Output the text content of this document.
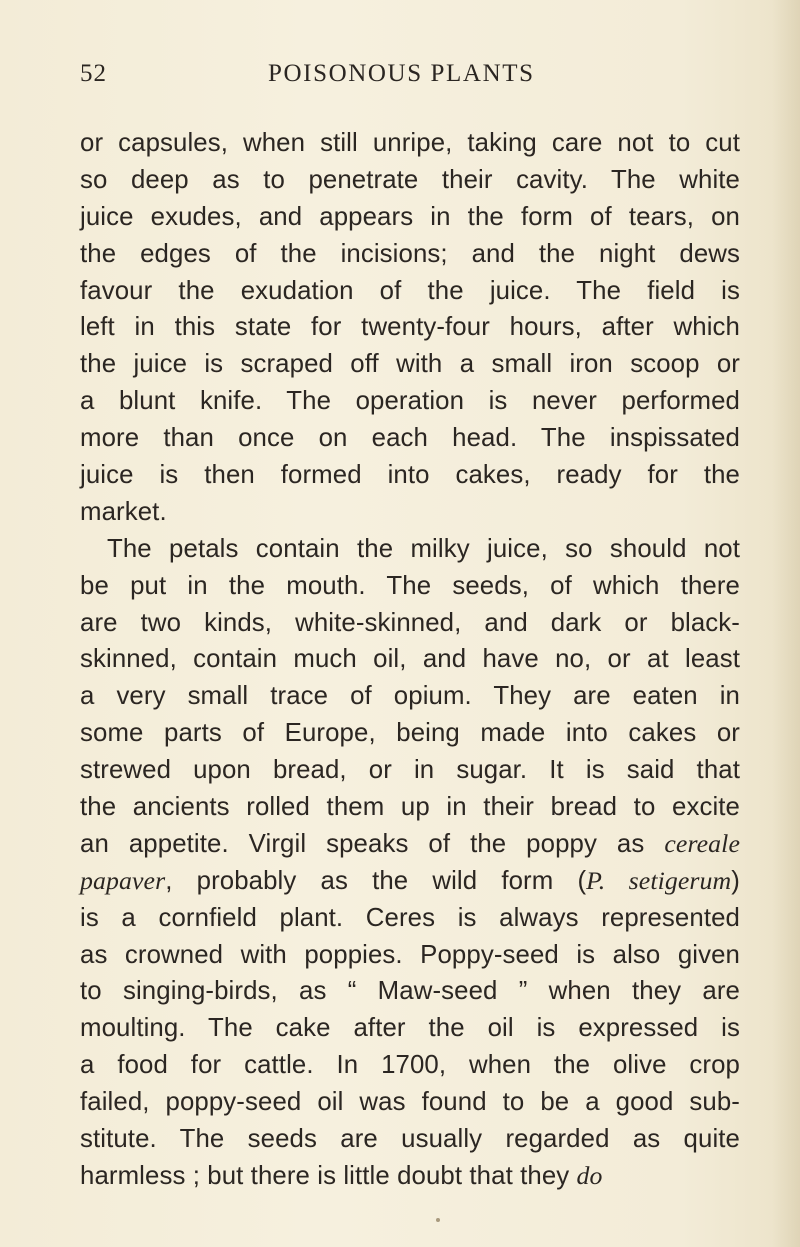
52	POISONOUS PLANTS
or capsules, when still unripe, taking care not to cut
so deep as to penetrate their cavity. The white
juice exudes, and appears in the form of tears, on
the edges of the incisions; and the night dews
favour the exudation of the juice. The field is
left in this state for twenty-four hours, after which
the juice is scraped off with a small iron scoop or
a blunt knife. The operation is never performed
more than once on each head. The inspissated
juice is then formed into cakes, ready for the
market.
The petals contain the milky juice, so should not
be put in the mouth. The seeds, of which there
are two kinds, white-skinned, and dark or black-
skinned, contain much oil, and have no, or at least
a very small trace of opium. They are eaten in
some parts of Europe, being made into cakes or
strewed upon bread, or in sugar. It is said that
the ancients rolled them up in their bread to excite
an appetite. Virgil speaks of the poppy as cereale
papaver, probably as the wild form (P. setigerum)
is a cornfield plant. Ceres is always represented
as crowned with poppies. Poppy-seed is also given
to singing-birds, as “ Maw-seed ” when they are
moulting. The cake after the oil is expressed is
a food for cattle. In 1700, when the olive crop
failed, poppy-seed oil was found to be a good sub-
stitute. The seeds are usually regarded as quite
harmless ; but there is little doubt that they do
